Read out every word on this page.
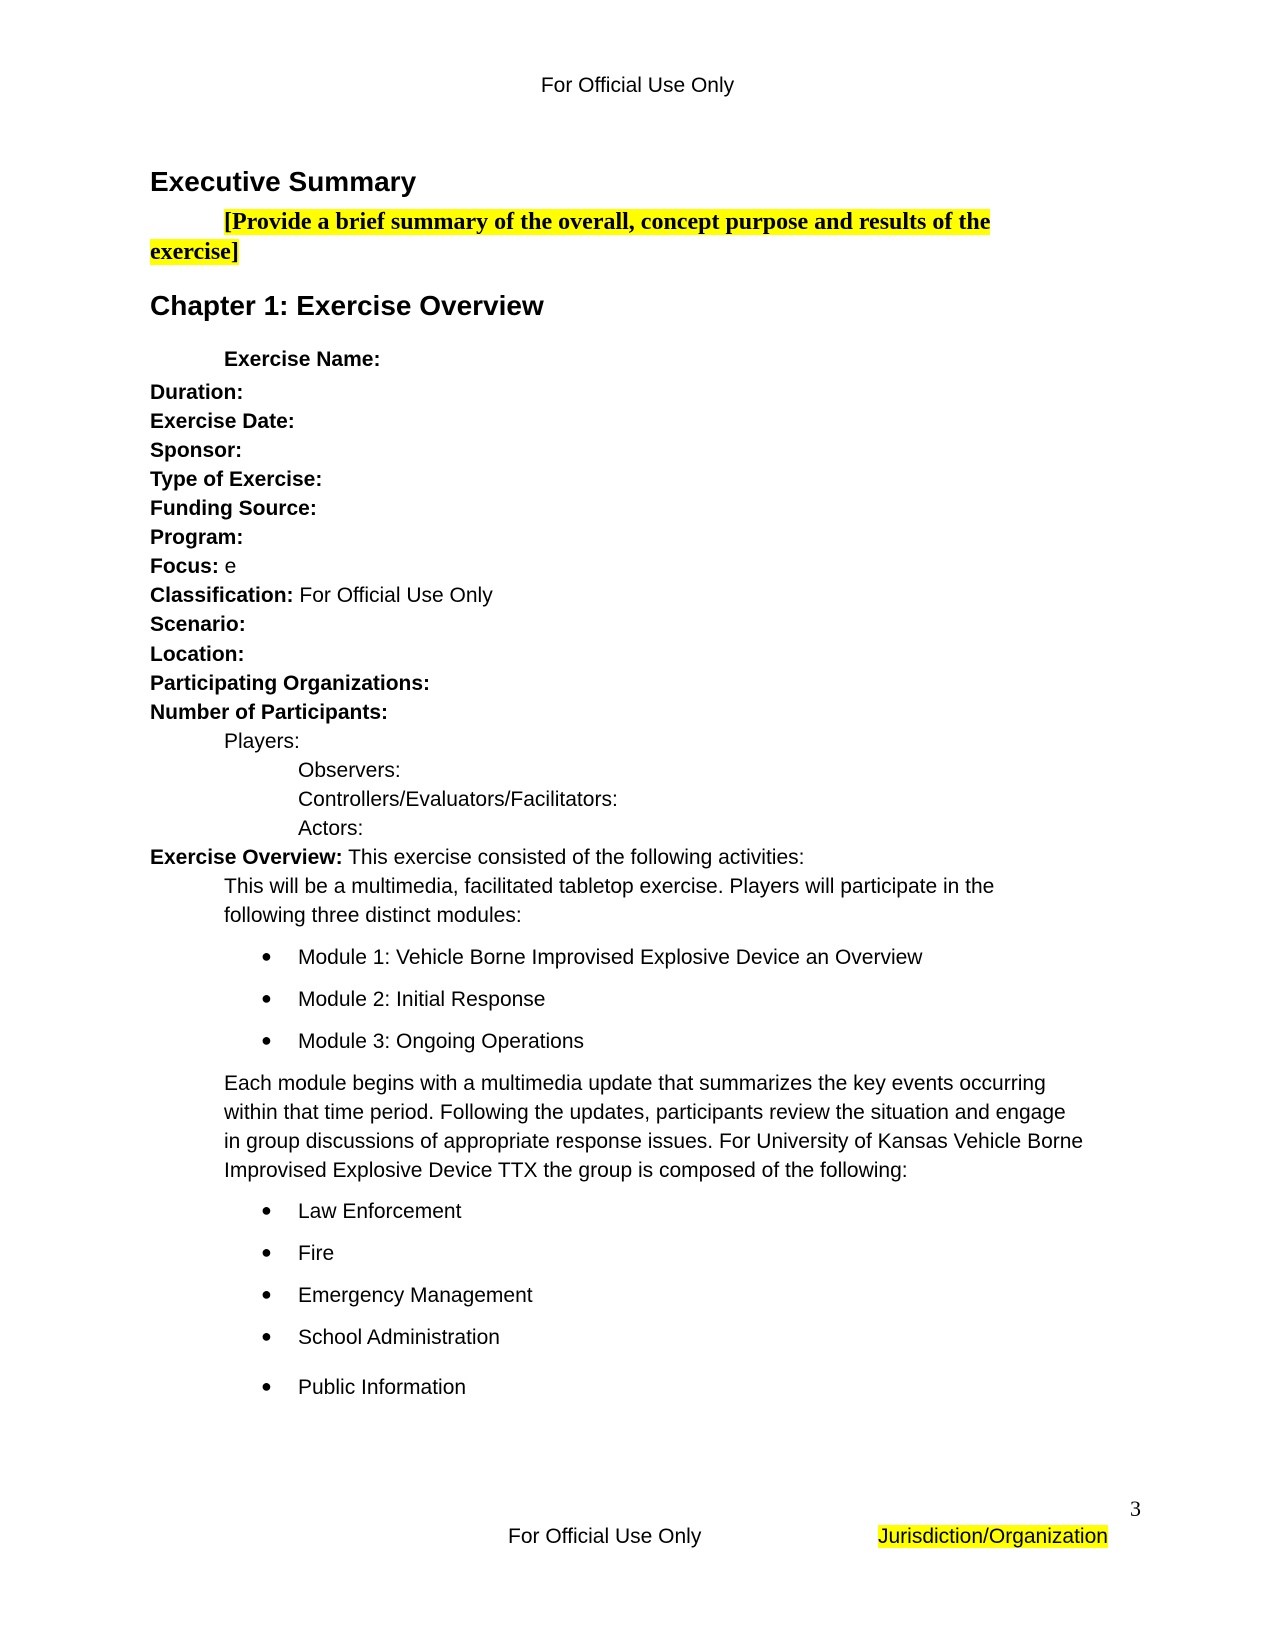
For Official Use Only
Executive Summary
[Provide a brief summary of the overall, concept purpose and results of the
exercise]
Chapter 1: Exercise Overview
Exercise Name:
Duration:
Exercise Date:
Sponsor:
Type of Exercise:
Funding Source:
Program:
Focus: e
Classification: For Official Use Only
Scenario:
Location:
Participating Organizations:
Number of Participants:
Players:
Observers:
Controllers/Evaluators/Facilitators:
Actors:
Exercise Overview: This exercise consisted of the following activities:
This will be a multimedia, facilitated tabletop exercise. Players will participate in the
following three distinct modules:
● Module 1: Vehicle Borne Improvised Explosive Device an Overview
● Module 2: Initial Response
● Module 3: Ongoing Operations
Each module begins with a multimedia update that summarizes the key events occurring
within that time period. Following the updates, participants review the situation and engage
in group discussions of appropriate response issues. For University of Kansas Vehicle Borne
Improvised Explosive Device TTX the group is composed of the following:
● Law Enforcement
● Fire
● Emergency Management
● School Administration
● Public Information
3
For Official Use Only	Jurisdiction/Organization
